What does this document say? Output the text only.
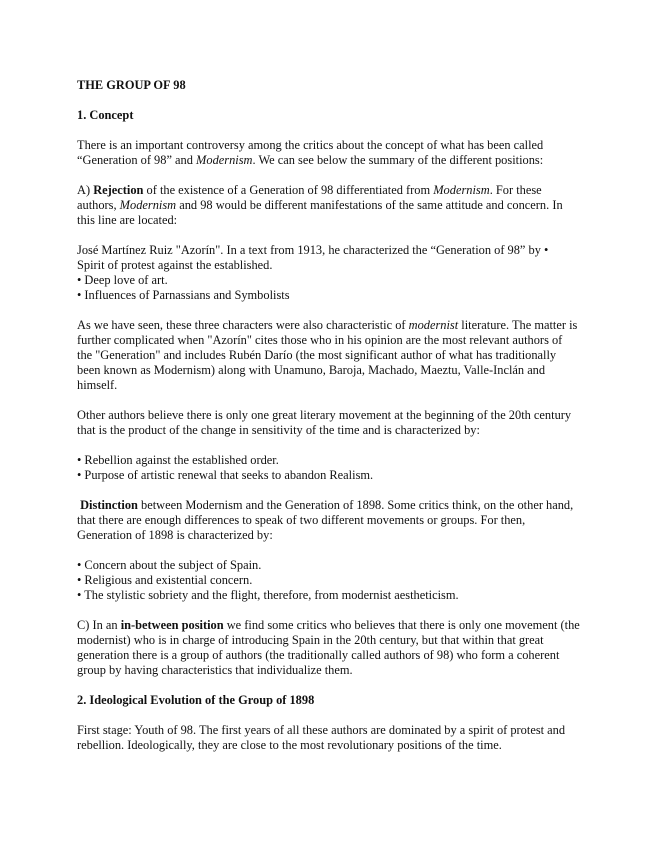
THE GROUP OF 98

1. Concept

There is an important controversy among the critics about the concept of what has been called “Generation of 98” and Modernism. We can see below the summary of the different positions:

A) Rejection of the existence of a Generation of 98 differentiated from Modernism. For these authors, Modernism and 98 would be different manifestations of the same attitude and concern. In this line are located:

José Martínez Ruiz "Azorín". In a text from 1913, he characterized the “Generation of 98” by •

Spirit of protest against the established.

• Deep love of art.

• Influences of Parnassians and Symbolists

As we have seen, these three characters were also characteristic of modernist literature. The matter is further complicated when "Azorín" cites those who in his opinion are the most relevant authors of the "Generation" and includes Rubén Darío (the most significant author of what has traditionally been known as Modernism) along with Unamuno, Baroja, Machado, Maeztu, Valle-Inclán and himself.

Other authors believe there is only one great literary movement at the beginning of the 20th century that is the product of the change in sensitivity of the time and is characterized by:

• Rebellion against the established order.

• Purpose of artistic renewal that seeks to abandon Realism.

Distinction between Modernism and the Generation of 1898. Some critics think, on the other hand, that there are enough differences to speak of two different movements or groups. For then, Generation of 1898 is characterized by:

• Concern about the subject of Spain.

• Religious and existential concern.

• The stylistic sobriety and the flight, therefore, from modernist aestheticism.

C) In an in-between position we find some critics who believes that there is only one movement (the modernist) who is in charge of introducing Spain in the 20th century, but that within that great generation there is a group of authors (the traditionally called authors of 98) who form a coherent group by having characteristics that individualize them.

2. Ideological Evolution of the Group of 1898

First stage: Youth of 98. The first years of all these authors are dominated by a spirit of protest and rebellion. Ideologically, they are close to the most revolutionary positions of the time.
